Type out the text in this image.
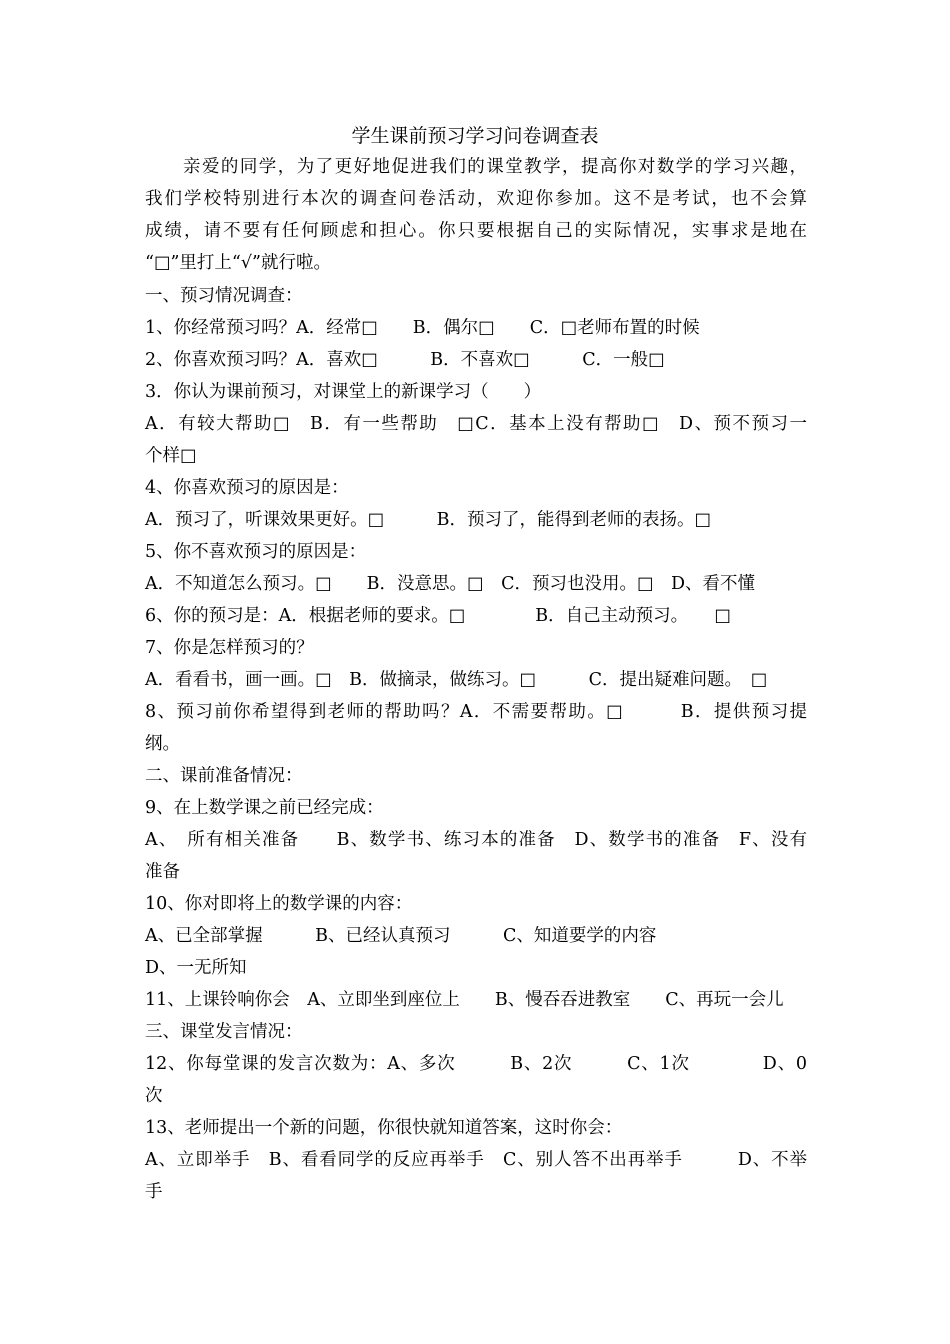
学生课前预习学习问卷调查表
亲爱的同学，为了更好地促进我们的课堂教学，提高你对数学的学习兴趣，
我们学校特别进行本次的调查问卷活动，欢迎你参加。这不是考试，也不会算
成绩，请不要有任何顾虑和担心。你只要根据自己的实际情况，实事求是地在
“□”里打上“√”就行啦。
一、预习情况调查：
1、你经常预习吗？A．经常□　　B．偶尔□　　C．□老师布置的时候
2、你喜欢预习吗？A．喜欢□　　　B．不喜欢□　　　C．一般□
3．你认为课前预习，对课堂上的新课学习（　　）
A．有较大帮助□　B．有一些帮助　□C．基本上没有帮助□　D、预不预习一
个样□
4、你喜欢预习的原因是：
A．预习了，听课效果更好。□　　　B．预习了，能得到老师的表扬。□
5、你不喜欢预习的原因是：
A．不知道怎么预习。□　　B．没意思。□　C．预习也没用。□　D、看不懂
6、你的预习是：A．根据老师的要求。□　　　　B．自己主动预习。　　□
7、你是怎样预习的？
A．看看书，画一画。□　B．做摘录，做练习。□　　　C．提出疑难问题。　□
8、预习前你希望得到老师的帮助吗？A．不需要帮助。□　　　B．提供预习提
纲。
二、课前准备情况：
9、在上数学课之前已经完成：
A、　所有相关准备　　B、数学书、练习本的准备　D、数学书的准备　F、没有
准备
10、你对即将上的数学课的内容：
A、已全部掌握　　　B、已经认真预习　　　C、知道要学的内容
D、一无所知
11、上课铃响你会　A、立即坐到座位上　　B、慢吞吞进教室　　C、再玩一会儿
三、课堂发言情况：
12、你每堂课的发言次数为：A、多次　　　B、2次　　　C、1次　　　　D、0
次
13、老师提出一个新的问题，你很快就知道答案，这时你会：
A、立即举手　B、看看同学的反应再举手　C、别人答不出再举手　　　D、不举
手
